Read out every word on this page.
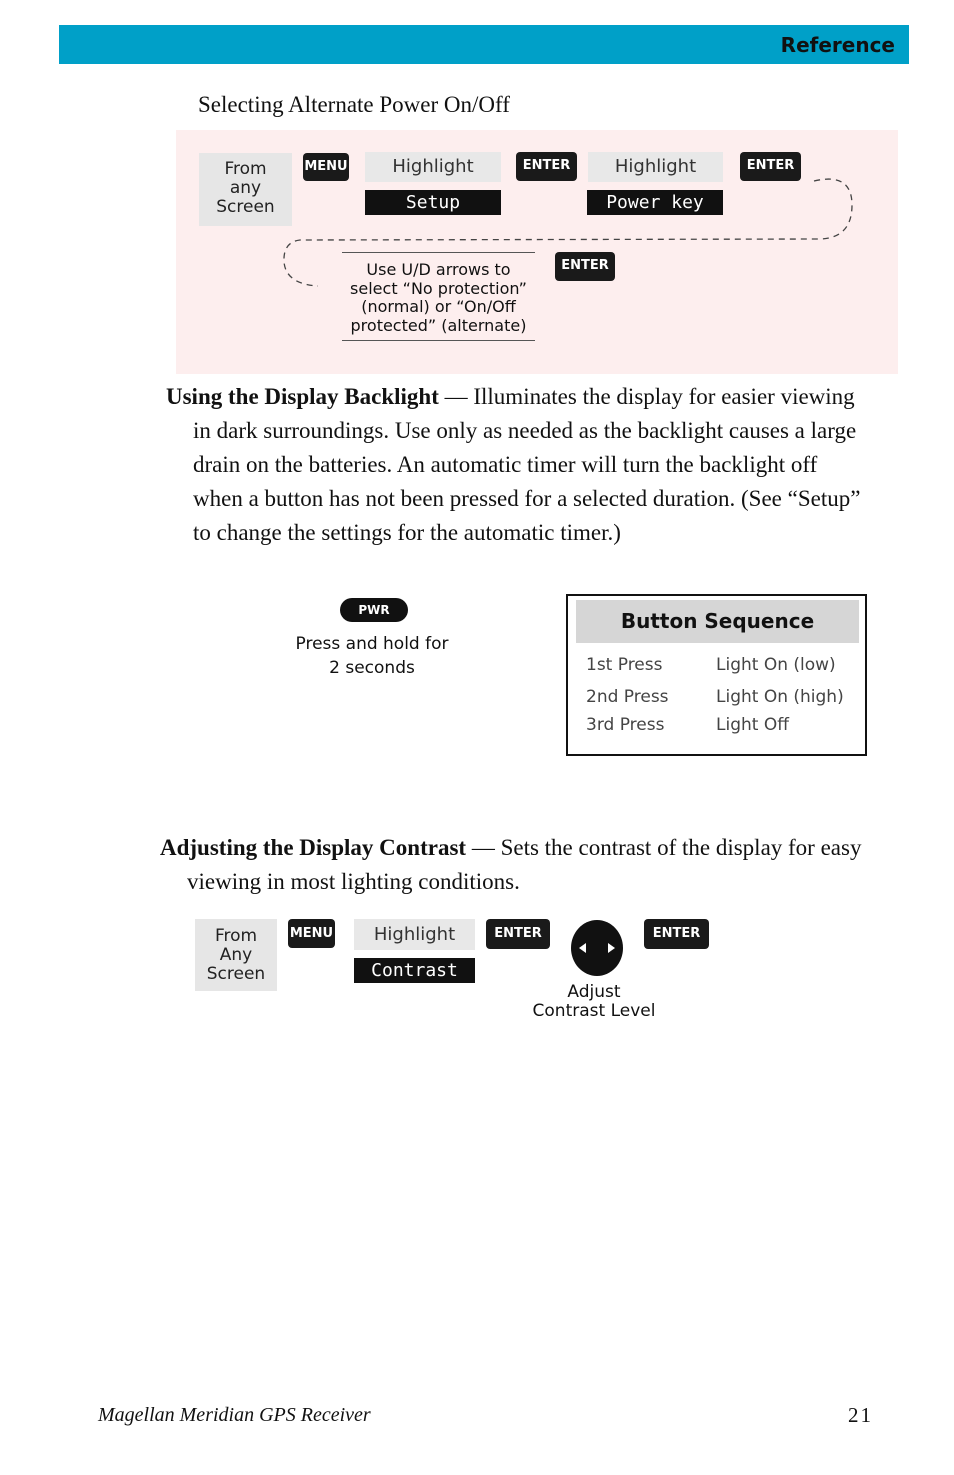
Reference
Selecting Alternate Power On/Off
From
any
Screen
MENU	Highlight
Setup
ENTER	Highlight
Power key
ENTER
Use U/D arrows to
select “No protection”
(normal) or “On/Off
protected” (alternate)
ENTER
Using the Display Backlight — Illuminates the display for easier viewing
in dark surroundings. Use only as needed as the backlight causes a large
drain on the batteries. An automatic timer will turn the backlight off
when a button has not been pressed for a selected duration. (See “Setup”
to change the settings for the automatic timer.)
PWR
Press and hold for
2 seconds
Button Sequence
1st Press	Light On (low)
2nd Press	Light On (high)
3rd Press	Light Off
Adjusting the Display Contrast — Sets the contrast of the display for easy
viewing in most lighting conditions.
From
Any
Screen
MENU	Highlight
Contrast
ENTER	ENTER
Adjust
Contrast Level
Magellan Meridian GPS Receiver	21
